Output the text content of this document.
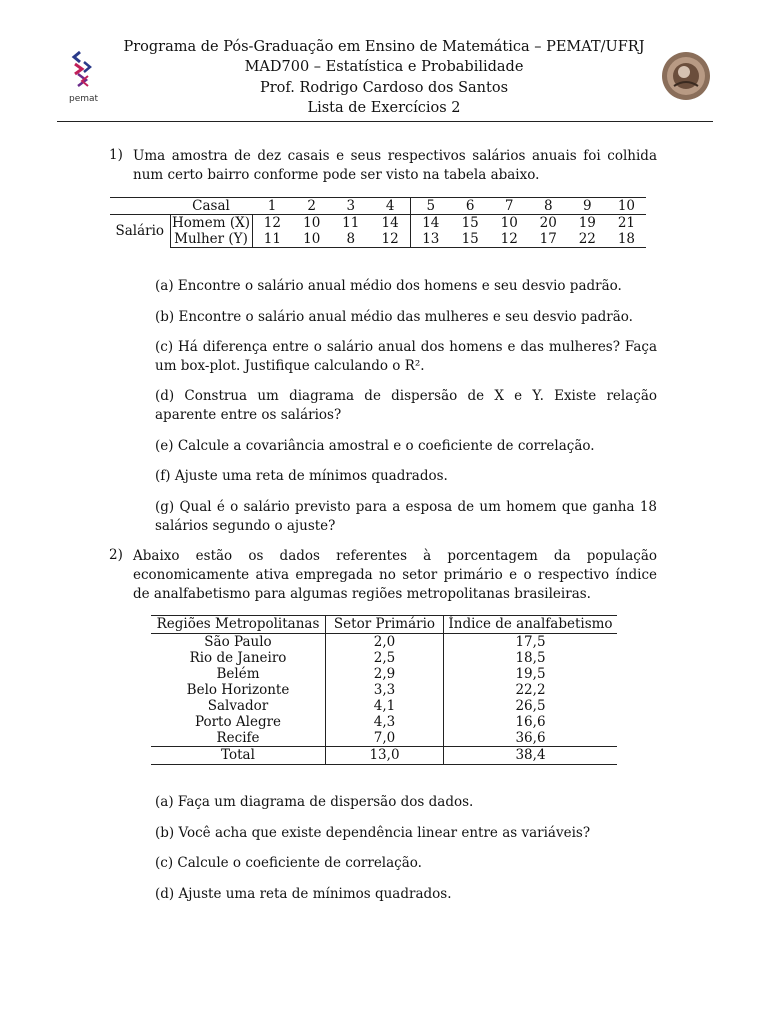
pemat
Programa de Pós-Graduação em Ensino de Matemática – PEMAT/UFRJ
MAD700 – Estatística e Probabilidade
Prof. Rodrigo Cardoso dos Santos
Lista de Exercícios 2
1) Uma amostra de dez casais e seus respectivos salários anuais foi colhida num certo bairro conforme pode ser visto na tabela abaixo.
	Casal	1	2	3	4	5	6	7	8	9	10
Salário	Homem (X)	12	10	11	14	14	15	10	20	19	21
	Mulher (Y)	11	10	8	12	13	15	12	17	22	18
(a) Encontre o salário anual médio dos homens e seu desvio padrão.
(b) Encontre o salário anual médio das mulheres e seu desvio padrão.
(c) Há diferença entre o salário anual dos homens e das mulheres? Faça um box-plot. Justifique calculando o R².
(d) Construa um diagrama de dispersão de X e Y. Existe relação aparente entre os salários?
(e) Calcule a covariância amostral e o coeficiente de correlação.
(f) Ajuste uma reta de mínimos quadrados.
(g) Qual é o salário previsto para a esposa de um homem que ganha 18 salários segundo o ajuste?
2) Abaixo estão os dados referentes à porcentagem da população economicamente ativa empregada no setor primário e o respectivo índice de analfabetismo para algumas regiões metropolitanas brasileiras.
Regiões Metropolitanas	Setor Primário	Índice de analfabetismo
São Paulo	2,0	17,5
Rio de Janeiro	2,5	18,5
Belém	2,9	19,5
Belo Horizonte	3,3	22,2
Salvador	4,1	26,5
Porto Alegre	4,3	16,6
Recife	7,0	36,6
Total	13,0	38,4
(a) Faça um diagrama de dispersão dos dados.
(b) Você acha que existe dependência linear entre as variáveis?
(c) Calcule o coeficiente de correlação.
(d) Ajuste uma reta de mínimos quadrados.
